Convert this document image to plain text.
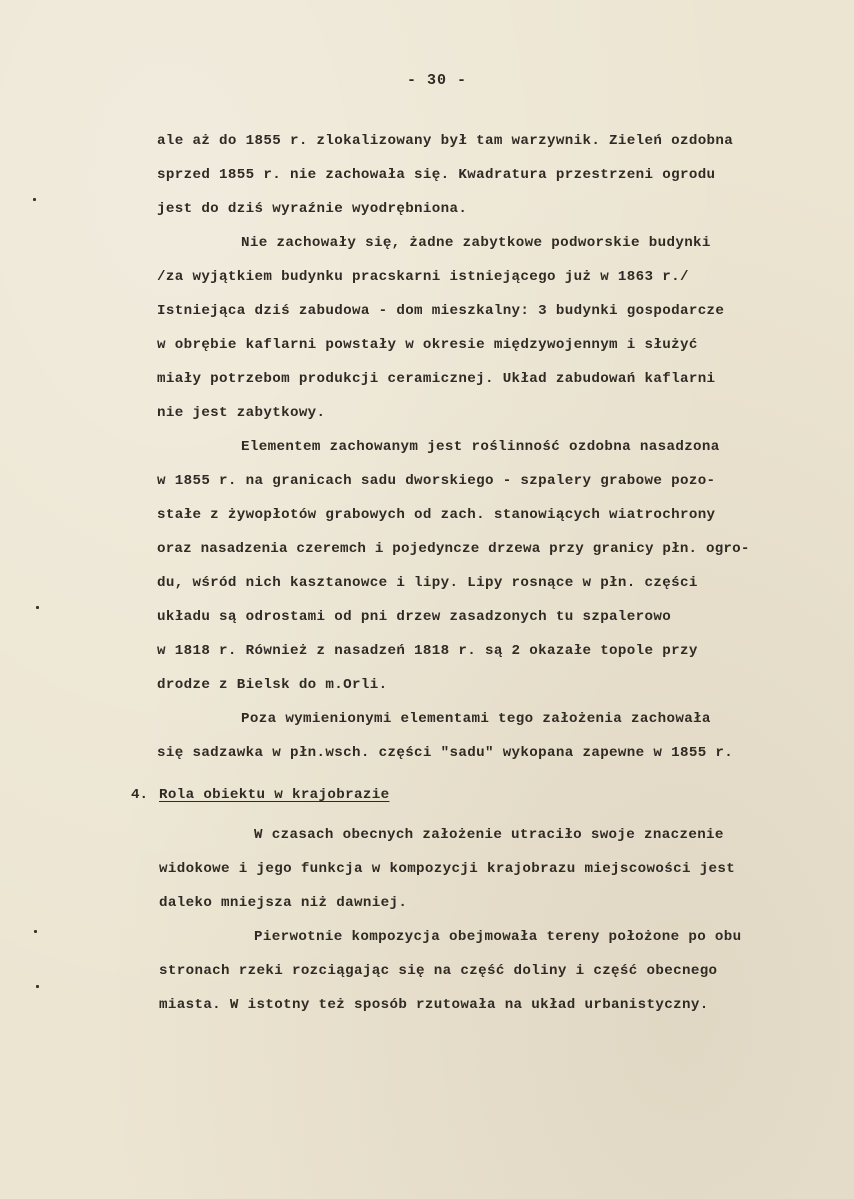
- 30 -
ale aż do 1855 r. zlokalizowany był tam warzywnik. Zieleń ozdobna
sprzed 1855 r. nie zachowała się. Kwadratura przestrzeni ogrodu
jest do dziś wyraźnie wyodrębniona.
Nie zachowały się, żadne zabytkowe podworskie budynki
/za wyjątkiem budynku pracskarni istniejącego już w 1863 r./
Istniejąca dziś zabudowa - dom mieszkalny: 3 budynki gospodarcze
w obrębie kaflarni powstały w okresie międzywojennym i służyć
miały potrzebom produkcji ceramicznej. Układ zabudowań kaflarni
nie jest zabytkowy.
Elementem zachowanym jest roślinność ozdobna nasadzona
w 1855 r. na granicach sadu dworskiego - szpalery grabowe pozo-
stałe z żywopłotów grabowych od zach. stanowiących wiatrochrony
oraz nasadzenia czeremch i pojedyncze drzewa przy granicy płn. ogro-
du, wśród nich kasztanowce i lipy. Lipy rosnące w płn. części
układu są odrostami od pni drzew zasadzonych tu szpalerowo
w 1818 r. Również z nasadzeń 1818 r. są 2 okazałe topole przy
drodze z Bielsk do m.Orli.
Poza wymienionymi elementami tego założenia zachowała
się sadzawka w płn.wsch. części "sadu" wykopana zapewne w 1855 r.
4. Rola obiektu w krajobrazie
W czasach obecnych założenie utraciło swoje znaczenie
widokowe i jego funkcja w kompozycji krajobrazu miejscowości jest
daleko mniejsza niż dawniej.
Pierwotnie kompozycja obejmowała tereny położone po obu
stronach rzeki rozciągając się na część doliny i część obecnego
miasta. W istotny też sposób rzutowała na układ urbanistyczny.
